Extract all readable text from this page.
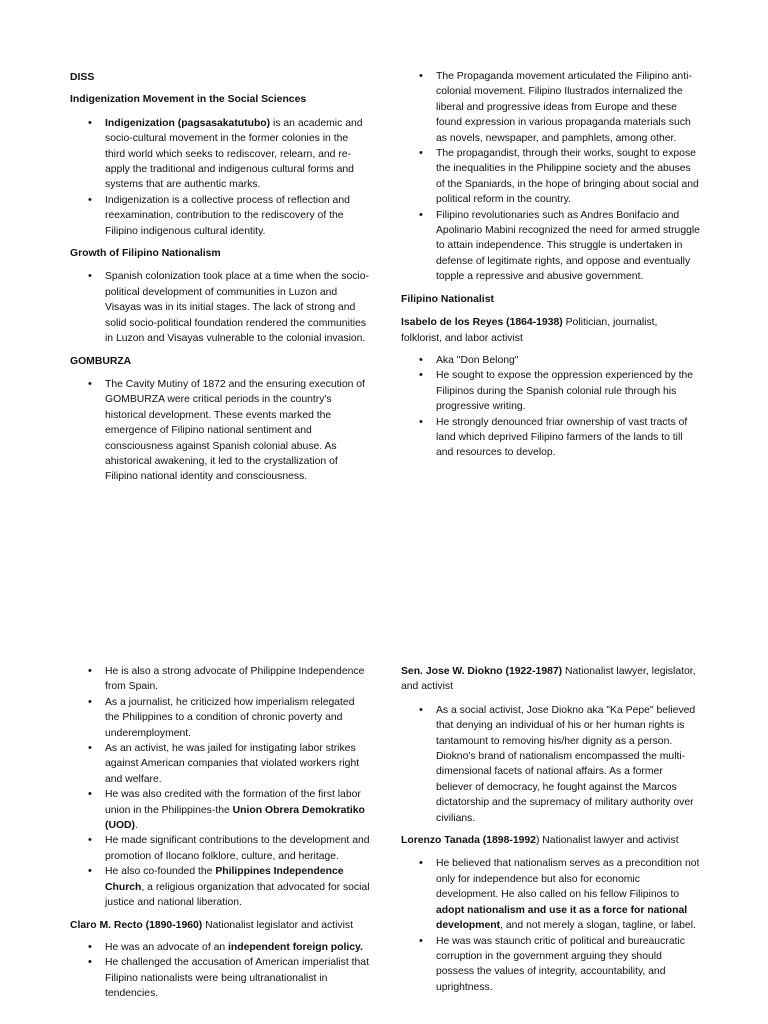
DISS

Indigenization Movement in the Social Sciences

• Indigenization (pagsasakatutubo) is an academic and socio-cultural movement in the former colonies in the third world which seeks to rediscover, relearn, and re-apply the traditional and indigenous cultural forms and systems that are authentic marks.
• Indigenization is a collective process of reflection and reexamination, contribution to the rediscovery of the Filipino indigenous cultural identity.

Growth of Filipino Nationalism

• Spanish colonization took place at a time when the socio-political development of communities in Luzon and Visayas was in its initial stages. The lack of strong and solid socio-political foundation rendered the communities in Luzon and Visayas vulnerable to the colonial invasion.

GOMBURZA

• The Cavity Mutiny of 1872 and the ensuring execution of GOMBURZA were critical periods in the country's historical development. These events marked the emergence of Filipino national sentiment and consciousness against Spanish colonial abuse. As ahistorical awakening, it led to the crystallization of Filipino national identity and consciousness.
• The Propaganda movement articulated the Filipino anti-colonial movement. Filipino Ilustrados internalized the liberal and progressive ideas from Europe and these found expression in various propaganda materials such as novels, newspaper, and pamphlets, among other.
• The propagandist, through their works, sought to expose the inequalities in the Philippine society and the abuses of the Spaniards, in the hope of bringing about social and political reform in the country.
• Filipino revolutionaries such as Andres Bonifacio and Apolinario Mabini recognized the need for armed struggle to attain independence. This struggle is undertaken in defense of legitimate rights, and oppose and eventually topple a repressive and abusive government.

Filipino Nationalist

Isabelo de los Reyes (1864-1938) Politician, journalist, folklorist, and labor activist

• Aka "Don Belong"
• He sought to expose the oppression experienced by the Filipinos during the Spanish colonial rule through his progressive writing.
• He strongly denounced friar ownership of vast tracts of land which deprived Filipino farmers of the lands to till and resources to develop.
• He is also a strong advocate of Philippine Independence from Spain.
• As a journalist, he criticized how imperialism relegated the Philippines to a condition of chronic poverty and underemployment.
• As an activist, he was jailed for instigating labor strikes against American companies that violated workers right and welfare.
• He was also credited with the formation of the first labor union in the Philippines-the Union Obrera Demokratiko (UOD).
• He made significant contributions to the development and promotion of Ilocano folklore, culture, and heritage.
• He also co-founded the Philippines Independence Church, a religious organization that advocated for social justice and national liberation.

Claro M. Recto (1890-1960) Nationalist legislator and activist

• He was an advocate of an independent foreign policy.
• He challenged the accusation of American imperialist that Filipino nationalists were being ultranationalist in tendencies.

Sen. Jose W. Diokno (1922-1987) Nationalist lawyer, legislator, and activist

• As a social activist, Jose Diokno aka "Ka Pepe" believed that denying an individual of his or her human rights is tantamount to removing his/her dignity as a person. Diokno's brand of nationalism encompassed the multi-dimensional facets of national affairs. As a former believer of democracy, he fought against the Marcos dictatorship and the supremacy of military authority over civilians.

Lorenzo Tanada (1898-1992) Nationalist lawyer and activist

• He believed that nationalism serves as a precondition not only for independence but also for economic development. He also called on his fellow Filipinos to adopt nationalism and use it as a force for national development, and not merely a slogan, tagline, or label.
• He was was staunch critic of political and bureaucratic corruption in the government arguing they should possess the values of integrity, accountability, and uprightness.
